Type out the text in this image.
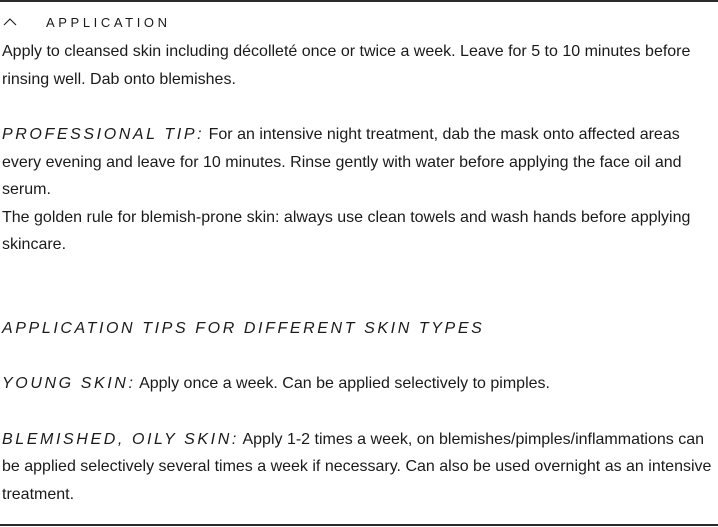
APPLICATION

Apply to cleansed skin including décolleté once or twice a week. Leave for 5 to 10 minutes before rinsing well. Dab onto blemishes.

PROFESSIONAL TIP: For an intensive night treatment, dab the mask onto affected areas every evening and leave for 10 minutes. Rinse gently with water before applying the face oil and serum.

The golden rule for blemish-prone skin: always use clean towels and wash hands before applying skincare.

APPLICATION TIPS FOR DIFFERENT SKIN TYPES

YOUNG SKIN: Apply once a week. Can be applied selectively to pimples.

BLEMISHED, OILY SKIN: Apply 1-2 times a week, on blemishes/pimples/inflammations can be applied selectively several times a week if necessary. Can also be used overnight as an intensive treatment.
